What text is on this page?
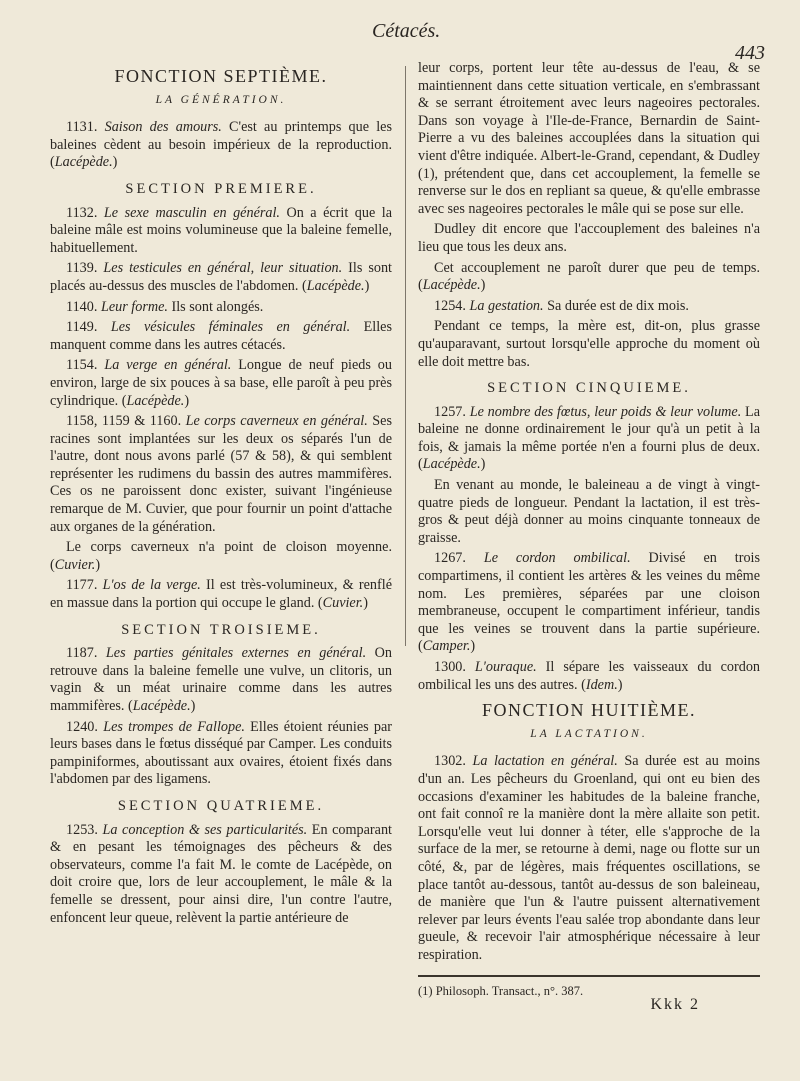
Cétacés.
443
FONCTION SEPTIÈME.
LA GÉNÉRATION.

1131. Saison des amours. C'est au printemps que les baleines cèdent au besoin impérieux de la reproduction. (Lacépède.)

SECTION PREMIERE.

1132. Le sexe masculin en général. On a écrit que la baleine mâle est moins volumineuse que la baleine femelle, habituellement.

1139. Les testicules en général, leur situation. Ils sont placés au-dessus des muscles de l'abdomen. (Lacépède.)

1140. Leur forme. Ils sont alongés.

1149. Les vésicules féminales en général. Elles manquent comme dans les autres cétacés.

1154. La verge en général. Longue de neuf pieds ou environ, large de six pouces à sa base, elle paroît à peu près cylindrique. (Lacépède.)

1158, 1159 & 1160. Le corps caverneux en général. Ses racines sont implantées sur les deux os séparés l'un de l'autre, dont nous avons parlé (57 & 58), & qui semblent représenter les rudimens du bassin des autres mammifères. Ces os ne paroissent donc exister, suivant l'ingénieuse remarque de M. Cuvier, que pour fournir un point d'attache aux organes de la génération.

Le corps caverneux n'a point de cloison moyenne. (Cuvier.)

1177. L'os de la verge. Il est très-volumineux, & renflé en massue dans la portion qui occupe le gland. (Cuvier.)

SECTION TROISIEME.

1187. Les parties génitales externes en général. On retrouve dans la baleine femelle une vulve, un clitoris, un vagin & un méat urinaire comme dans les autres mammifères. (Lacépède.)

1240. Les trompes de Fallope. Elles étoient réunies par leurs bases dans le fœtus disséqué par Camper. Les conduits pampiniformes, aboutissant aux ovaires, étoient fixés dans l'abdomen par des ligamens.

SECTION QUATRIEME.

1253. La conception & ses particularités. En comparant & en pesant les témoignages des pêcheurs & des observateurs, comme l'a fait M. le comte de Lacépède, on doit croire que, lors de leur accouplement, le mâle & la femelle se dressent, pour ainsi dire, l'un contre l'autre, enfoncent leur queue, relèvent la partie antérieure de

leur corps, portent leur tête au-dessus de l'eau, & se maintiennent dans cette situation verticale, en s'embrassant & se serrant étroitement avec leurs nageoires pectorales. Dans son voyage à l'Ile-de-France, Bernardin de Saint-Pierre a vu des baleines accouplées dans la situation qui vient d'être indiquée. Albert-le-Grand, cependant, & Dudley (1), prétendent que, dans cet accouplement, la femelle se renverse sur le dos en repliant sa queue, & qu'elle embrasse avec ses nageoires pectorales le mâle qui se pose sur elle.

Dudley dit encore que l'accouplement des baleines n'a lieu que tous les deux ans.

Cet accouplement ne paroît durer que peu de temps. (Lacépède.)

1254. La gestation. Sa durée est de dix mois.

Pendant ce temps, la mère est, dit-on, plus grasse qu'auparavant, surtout lorsqu'elle approche du moment où elle doit mettre bas.

SECTION CINQUIEME.

1257. Le nombre des fœtus, leur poids & leur volume. La baleine ne donne ordinairement le jour qu'à un petit à la fois, & jamais la même portée n'en a fourni plus de deux. (Lacépède.)

En venant au monde, le baleineau a de vingt à vingt-quatre pieds de longueur. Pendant la lactation, il est très-gros & peut déjà donner au moins cinquante tonneaux de graisse.

1267. Le cordon ombilical. Divisé en trois compartimens, il contient les artères & les veines du même nom. Les premières, séparées par une cloison membraneuse, occupent le compartiment inférieur, tandis que les veines se trouvent dans la partie supérieure. (Camper.)

1300. L'ouraque. Il sépare les vaisseaux du cordon ombilical les uns des autres. (Idem.)

FONCTION HUITIÈME.
LA LACTATION.

1302. La lactation en général. Sa durée est au moins d'un an. Les pêcheurs du Groenland, qui ont eu bien des occasions d'examiner les habitudes de la baleine franche, ont fait connoî re la manière dont la mère allaite son petit. Lorsqu'elle veut lui donner à téter, elle s'approche de la surface de la mer, se retourne à demi, nage ou flotte sur un côté, &, par de légères, mais fréquentes oscillations, se place tantôt au-dessous, tantôt au-dessus de son baleineau, de manière que l'un & l'autre puissent alternativement relever par leurs évents l'eau salée trop abondante dans leur gueule, & recevoir l'air atmosphérique nécessaire à leur respiration.

(1) Philosoph. Transact., n°. 387.
Kkk 2
